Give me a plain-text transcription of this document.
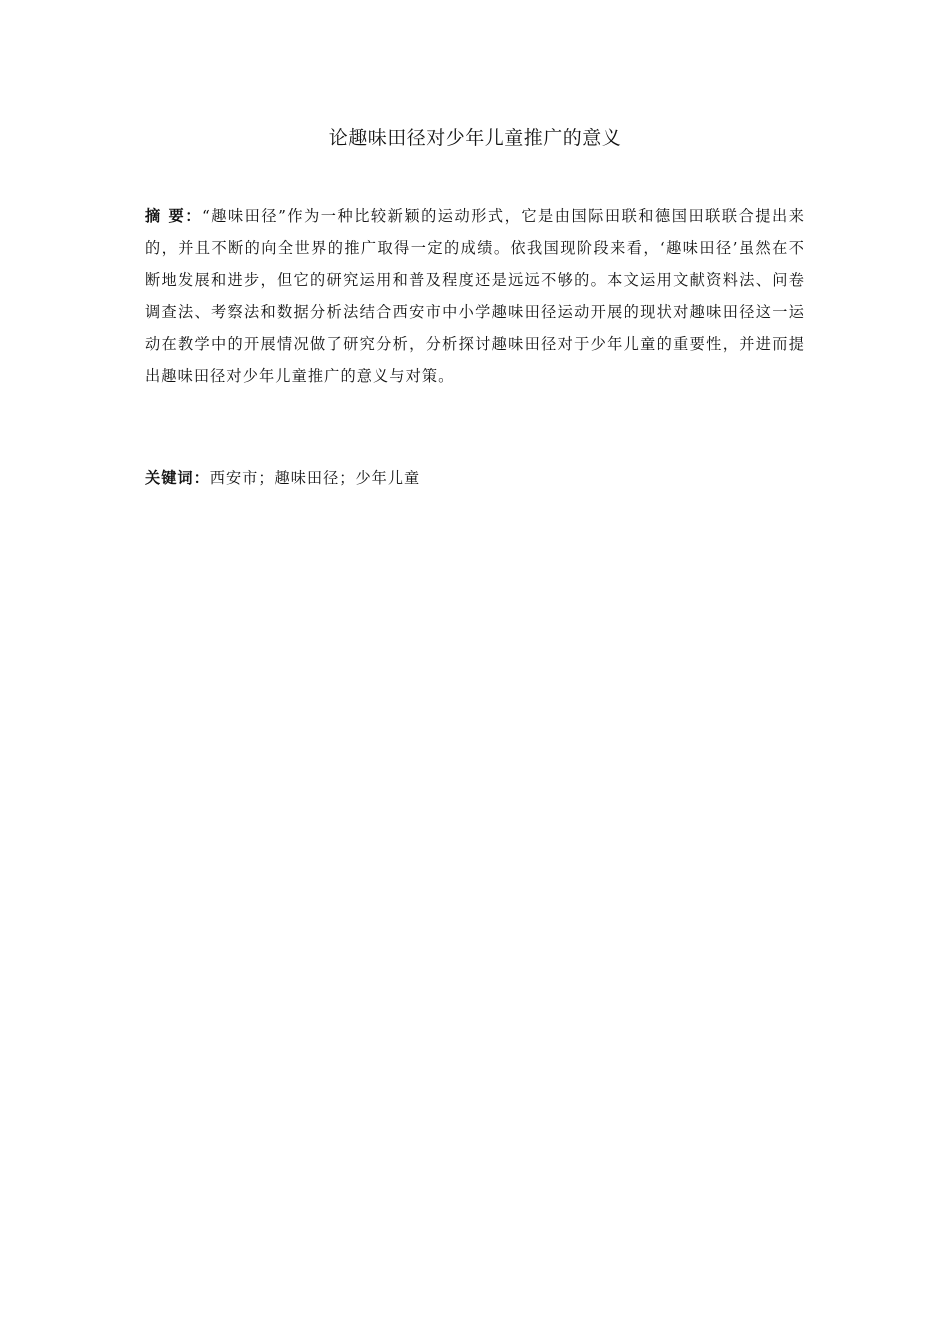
论趣味田径对少年儿童推广的意义

摘 要：“趣味田径”作为一种比较新颖的运动形式，它是由国际田联和德国田联联合提出来的，并且不断的向全世界的推广取得一定的成绩。依我国现阶段来看，‘趣味田径’虽然在不断地发展和进步，但它的研究运用和普及程度还是远远不够的。本文运用文献资料法、问卷调查法、考察法和数据分析法结合西安市中小学趣味田径运动开展的现状对趣味田径这一运动在教学中的开展情况做了研究分析，分析探讨趣味田径对于少年儿童的重要性，并进而提出趣味田径对少年儿童推广的意义与对策。

关键词：西安市；趣味田径；少年儿童
